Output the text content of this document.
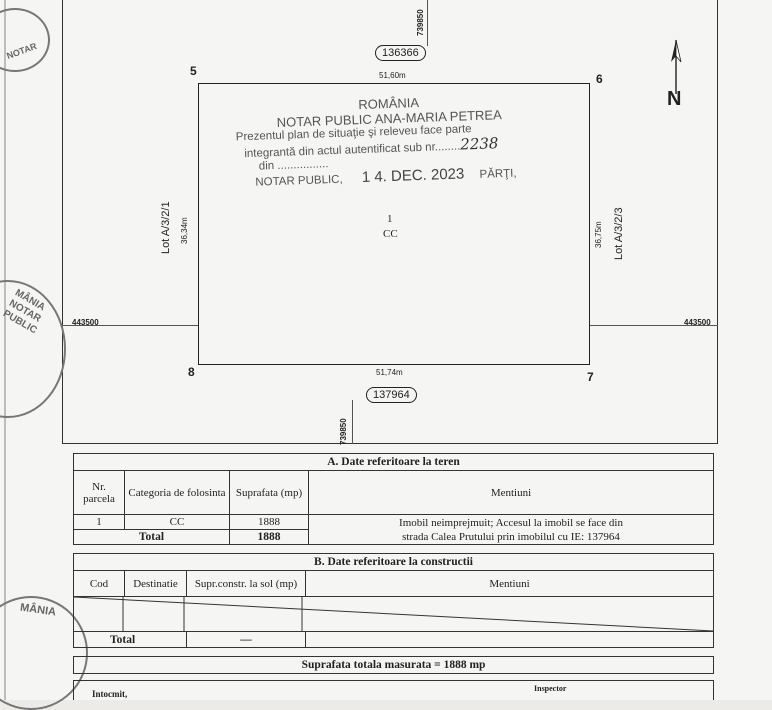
739850
739850
443500	443500
N
136366
137964
Lot A/3/2/1	Lot A/3/2/3
5
6
7
8
51,60m
51,74m
36,34m	36,75m
1
CC
ROMÂNIA
NOTAR PUBLIC ANA-MARIA PETREA
Prezentul plan de situaţie şi releveu face parte
integrantă din actul autentificat sub nr........2238
din ................
NOTAR PUBLIC, 1 4. DEC. 2023 PĂRŢI,
NOTAR
MÂNIA NOTAR PUBLIC
MÂNIA
A. Date referitoare la teren			
Nr. parcela	Categoria de folosinta	Suprafata (mp)	Mentiuni
1	CC	1888	Imobil neimprejmuit; Accesul la imobil se face din
strada Calea Prutului prin imobilul cu IE: 137964

Total		1888	
B. Date referitoare la constructii			
Cod	Destinatie	Supr.constr. la sol (mp)	Mentiuni

Total		—	
Suprafata totala masurata = 1888 mp
Intocmit,
Inspector
